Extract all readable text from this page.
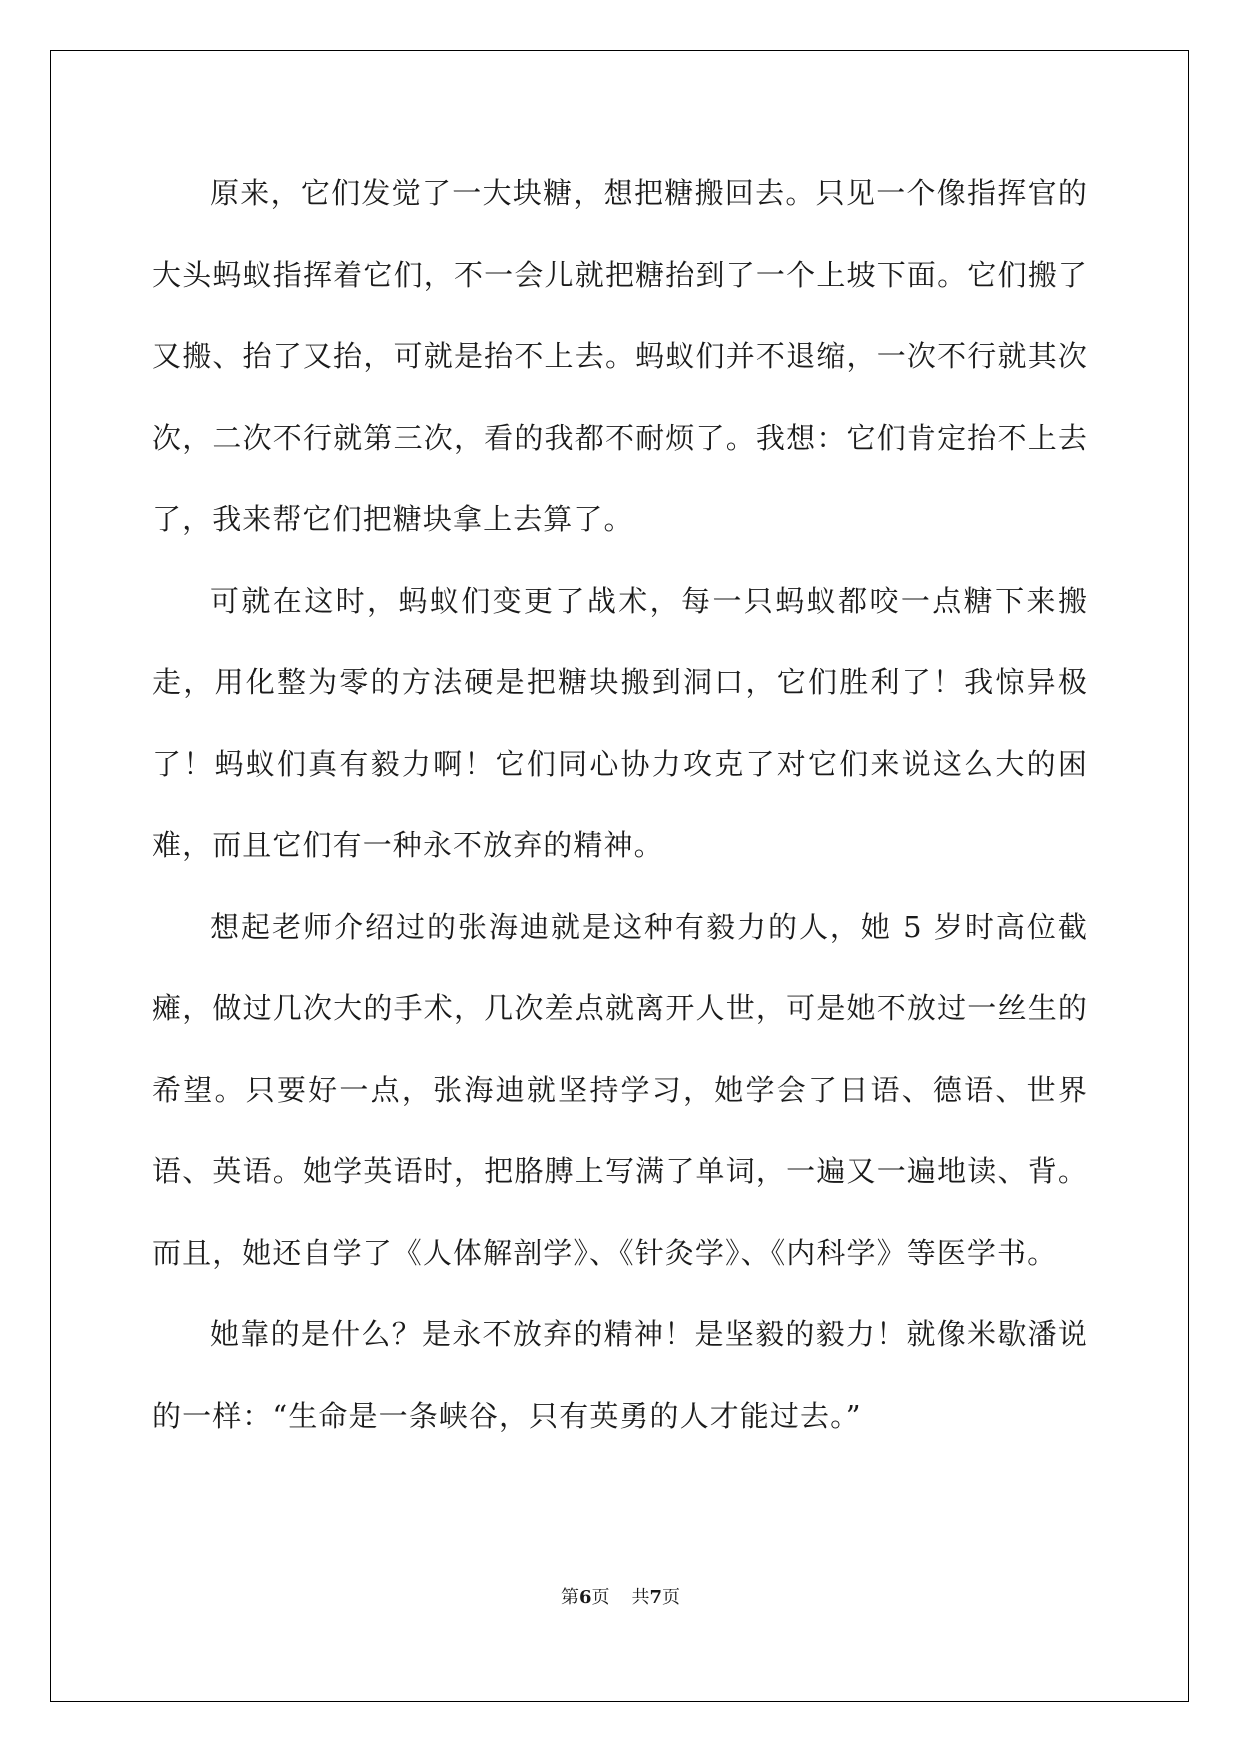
原来，它们发觉了一大块糖，想把糖搬回去。只见一个像指挥官的大头蚂蚁指挥着它们，不一会儿就把糖抬到了一个上坡下面。它们搬了又搬、抬了又抬，可就是抬不上去。蚂蚁们并不退缩，一次不行就其次次，二次不行就第三次，看的我都不耐烦了。我想：它们肯定抬不上去了，我来帮它们把糖块拿上去算了。

可就在这时，蚂蚁们变更了战术，每一只蚂蚁都咬一点糖下来搬走，用化整为零的方法硬是把糖块搬到洞口，它们胜利了！我惊异极了！蚂蚁们真有毅力啊！它们同心协力攻克了对它们来说这么大的困难，而且它们有一种永不放弃的精神。

想起老师介绍过的张海迪就是这种有毅力的人，她 5 岁时高位截瘫，做过几次大的手术，几次差点就离开人世，可是她不放过一丝生的希望。只要好一点，张海迪就坚持学习，她学会了日语、德语、世界语、英语。她学英语时，把胳膊上写满了单词，一遍又一遍地读、背。而且，她还自学了《人体解剖学》、《针灸学》、《内科学》等医学书。

她靠的是什么？是永不放弃的精神！是坚毅的毅力！就像米歇潘说的一样：“生命是一条峡谷，只有英勇的人才能过去。”

第6页 共7页
